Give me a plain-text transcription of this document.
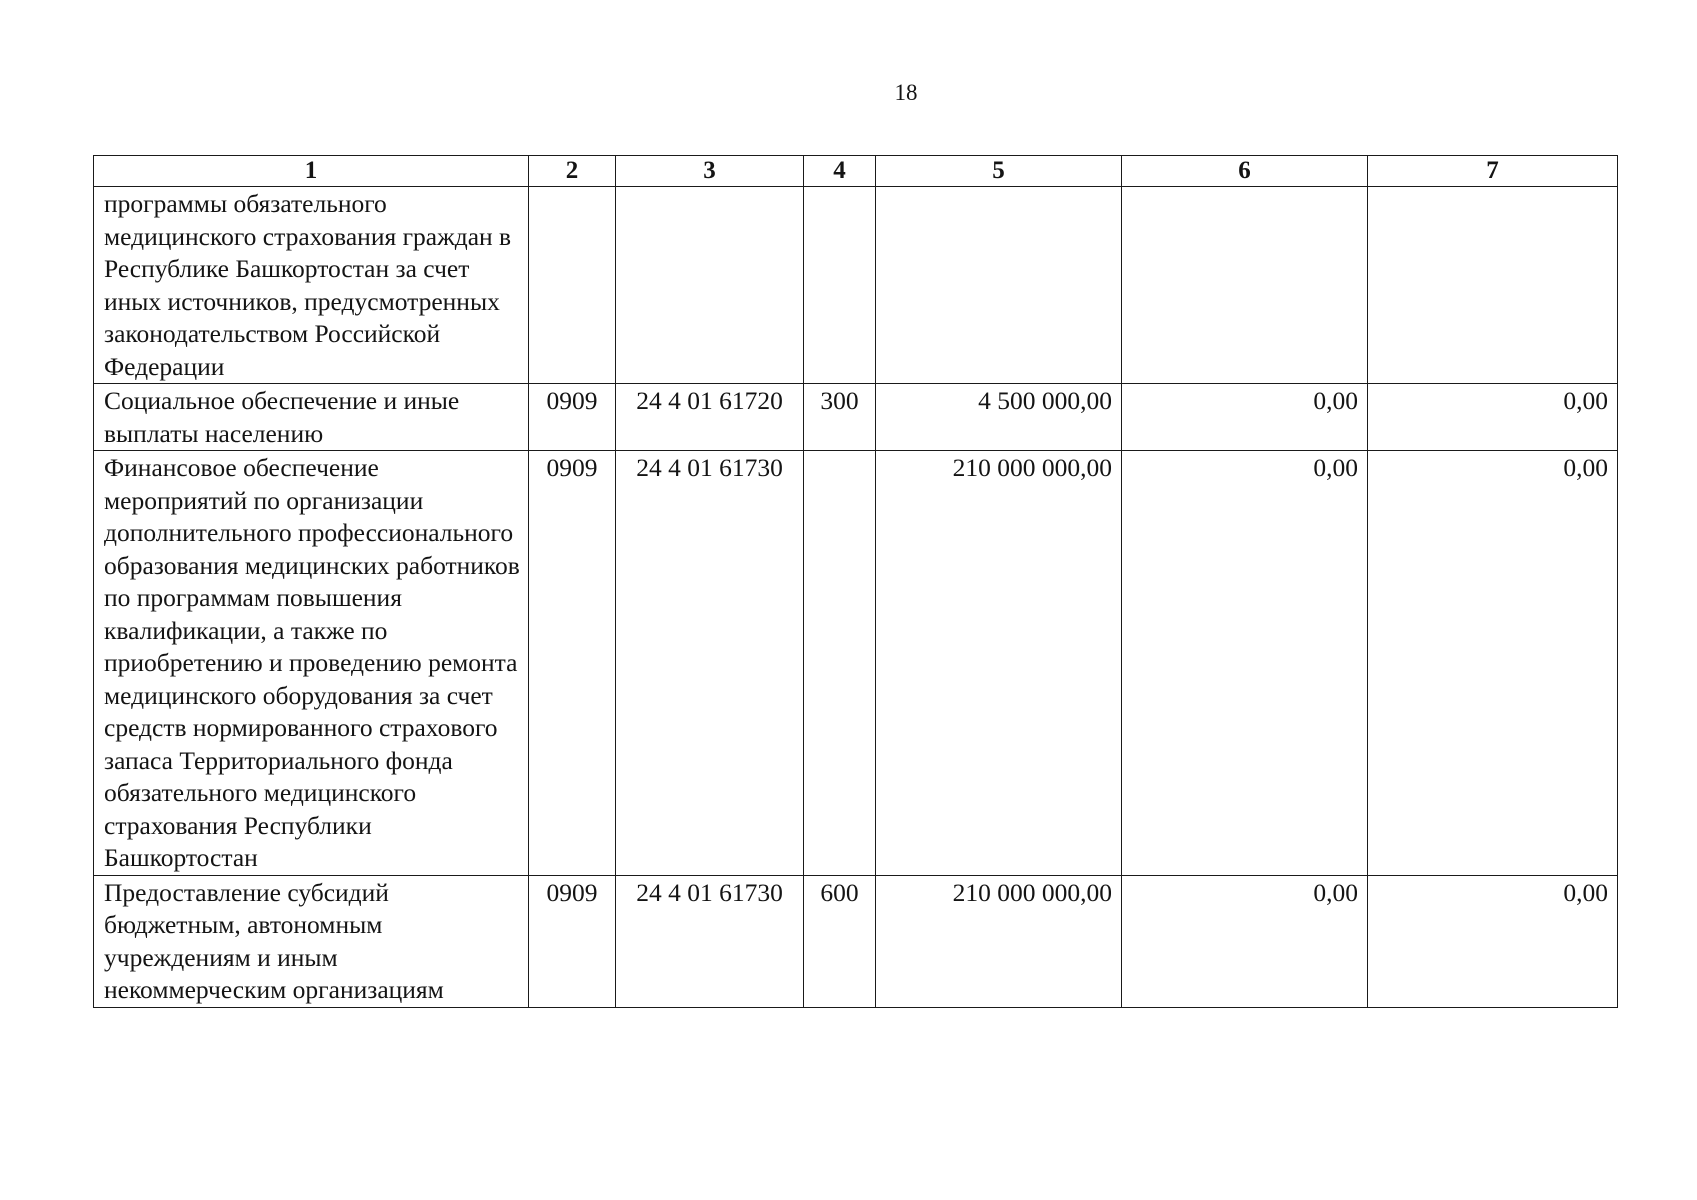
18
1	2	3	4	5	6	7
программы обязательного медицинского страхования граждан в Республике Башкортостан за счет иных источников, предусмотренных законодательством Российской Федерации						
Социальное обеспечение и иные выплаты населению	0909	24 4 01 61720	300	4 500 000,00	0,00	0,00
Финансовое обеспечение мероприятий по организации дополнительного профессионального образования медицинских работников по программам повышения квалификации, а также по приобретению и проведению ремонта медицинского оборудования за счет средств нормированного страхового запаса Территориального фонда обязательного медицинского страхования Республики Башкортостан	0909	24 4 01 61730		210 000 000,00	0,00	0,00
Предоставление субсидий бюджетным, автономным учреждениям и иным некоммерческим организациям	0909	24 4 01 61730	600	210 000 000,00	0,00	0,00
